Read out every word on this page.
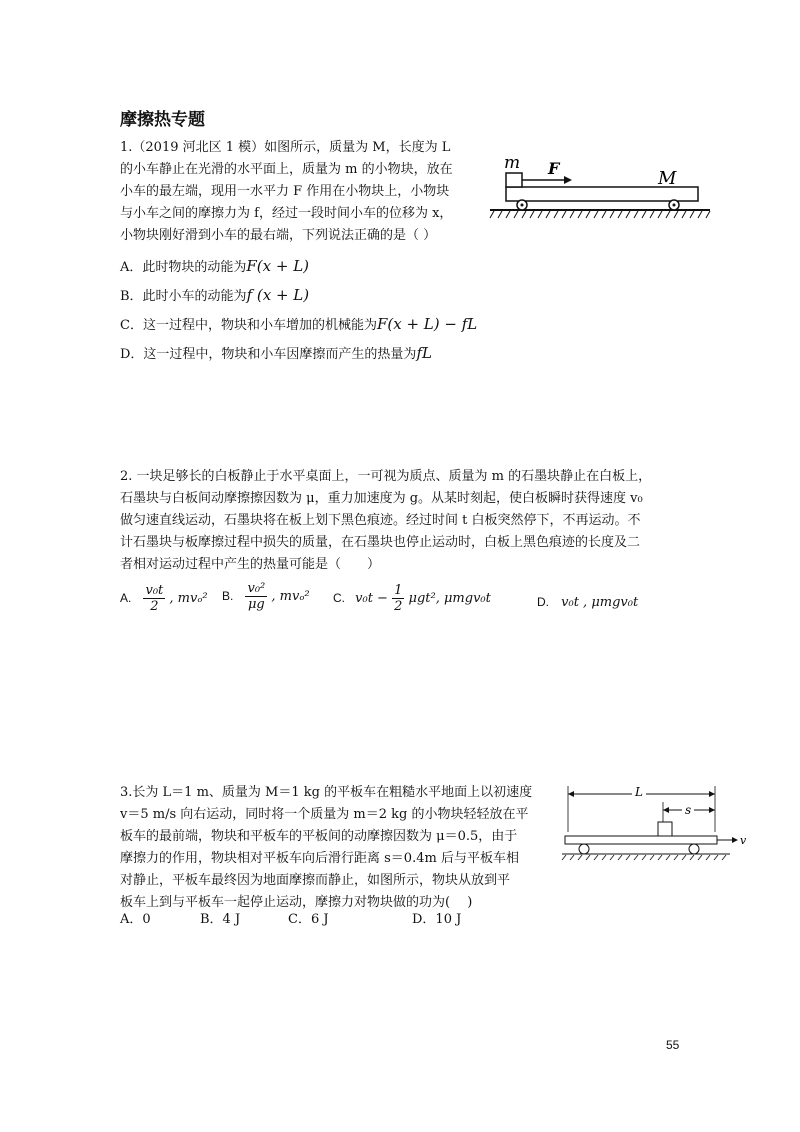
摩擦热专题
1.（2019 河北区 1 模）如图所示，质量为 M，长度为 L
的小车静止在光滑的水平面上，质量为 m 的小物块，放在
小车的最左端，现用一水平力 F 作用在小物块上，小物块
与小车之间的摩擦力为 f，经过一段时间小车的位移为 x，
小物块刚好滑到小车的最右端，下列说法正确的是（ ）
m F	M
A．此时物块的动能为F(x + L)
B．此时小车的动能为f (x + L)
C．这一过程中，物块和小车增加的机械能为F(x + L) − fL
D．这一过程中，物块和小车因摩擦而产生的热量为fL
2. 一块足够长的白板静止于水平桌面上，一可视为质点、质量为 m 的石墨块静止在白板上，
石墨块与白板间动摩擦擦因数为 μ，重力加速度为 g。从某时刻起，使白板瞬时获得速度 v₀
做匀速直线运动，石墨块将在板上划下黑色痕迹。经过时间 t 白板突然停下，不再运动。不
计石墨块与板摩擦过程中损失的质量，在石墨块也停止运动时，白板上黑色痕迹的长度及二
者相对运动过程中产生的热量可能是（　　）
A. $\frac{\text{v₀t}}{2}$ , mvₒ² B. $\frac{\text{v₀²}}{\mu g}$ , mvₒ² C. $v_0t - \frac{1}{2} \mu gt^2$, μmgv₀t	D. v₀t , μmgv₀t
3.长为 L＝1 m、质量为 M＝1 kg 的平板车在粗糙水平地面上以初速度
v＝5 m/s 向右运动，同时将一个质量为 m＝2 kg 的小物块轻轻放在平
板车的最前端，物块和平板车的平板间的动摩擦因数为 μ＝0.5，由于
摩擦力的作用，物块相对平板车向后滑行距离 s＝0.4m 后与平板车相
对静止，平板车最终因为地面摩擦而静止，如图所示，物块从放到平
板车上到与平板车一起停止运动，摩擦力对物块做的功为(　 )
L
s
v
A．0	B．4 J	C．6 J	D．10 J
55
